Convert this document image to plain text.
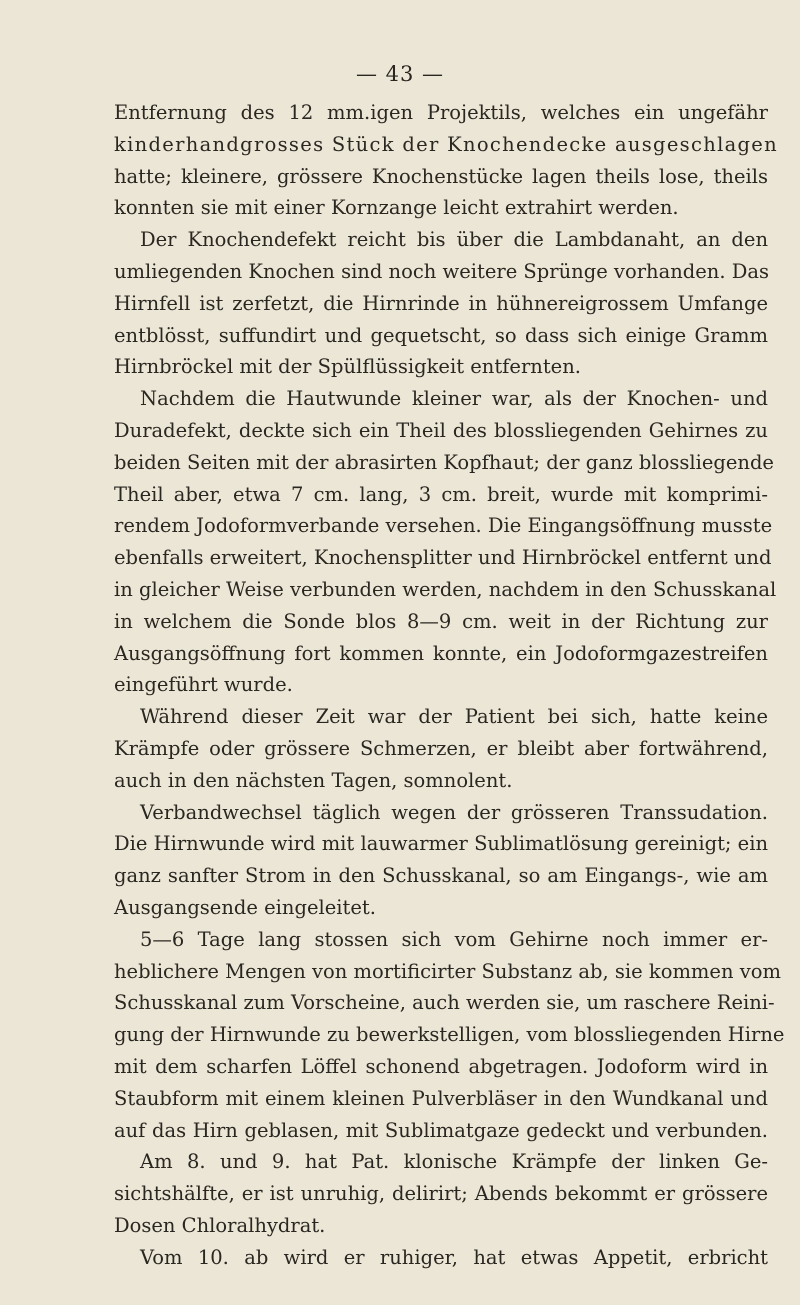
— 43 —
Entfernung des 12 mm.igen Projektils, welches ein ungefähr
kinderhandgrosses Stück der Knochendecke ausgeschlagen
hatte; kleinere, grössere Knochenstücke lagen theils lose, theils
konnten sie mit einer Kornzange leicht extrahirt werden.
Der Knochendefekt reicht bis über die Lambdanaht, an den
umliegenden Knochen sind noch weitere Sprünge vorhanden. Das
Hirnfell ist zerfetzt, die Hirnrinde in hühnereigrossem Umfange
entblösst, suffundirt und gequetscht, so dass sich einige Gramm
Hirnbröckel mit der Spülflüssigkeit entfernten.
Nachdem die Hautwunde kleiner war, als der Knochen- und
Duradefekt, deckte sich ein Theil des blossliegenden Gehirnes zu
beiden Seiten mit der abrasirten Kopfhaut; der ganz blossliegende
Theil aber, etwa 7 cm. lang, 3 cm. breit, wurde mit komprimi-
rendem Jodoformverbande versehen. Die Eingangsöffnung musste
ebenfalls erweitert, Knochensplitter und Hirnbröckel entfernt und
in gleicher Weise verbunden werden, nachdem in den Schusskanal
in welchem die Sonde blos 8—9 cm. weit in der Richtung zur
Ausgangsöffnung fort kommen konnte, ein Jodoformgazestreifen
eingeführt wurde.
Während dieser Zeit war der Patient bei sich, hatte keine
Krämpfe oder grössere Schmerzen, er bleibt aber fortwährend,
auch in den nächsten Tagen, somnolent.
Verbandwechsel täglich wegen der grösseren Transsudation.
Die Hirnwunde wird mit lauwarmer Sublimatlösung gereinigt; ein
ganz sanfter Strom in den Schusskanal, so am Eingangs-, wie am
Ausgangsende eingeleitet.
5—6 Tage lang stossen sich vom Gehirne noch immer er-
heblichere Mengen von mortificirter Substanz ab, sie kommen vom
Schusskanal zum Vorscheine, auch werden sie, um raschere Reini-
gung der Hirnwunde zu bewerkstelligen, vom blossliegenden Hirne
mit dem scharfen Löffel schonend abgetragen. Jodoform wird in
Staubform mit einem kleinen Pulverbläser in den Wundkanal und
auf das Hirn geblasen, mit Sublimatgaze gedeckt und verbunden.
Am 8. und 9. hat Pat. klonische Krämpfe der linken Ge-
sichtshälfte, er ist unruhig, delirirt; Abends bekommt er grössere
Dosen Chloralhydrat.
Vom 10. ab wird er ruhiger, hat etwas Appetit, erbricht
